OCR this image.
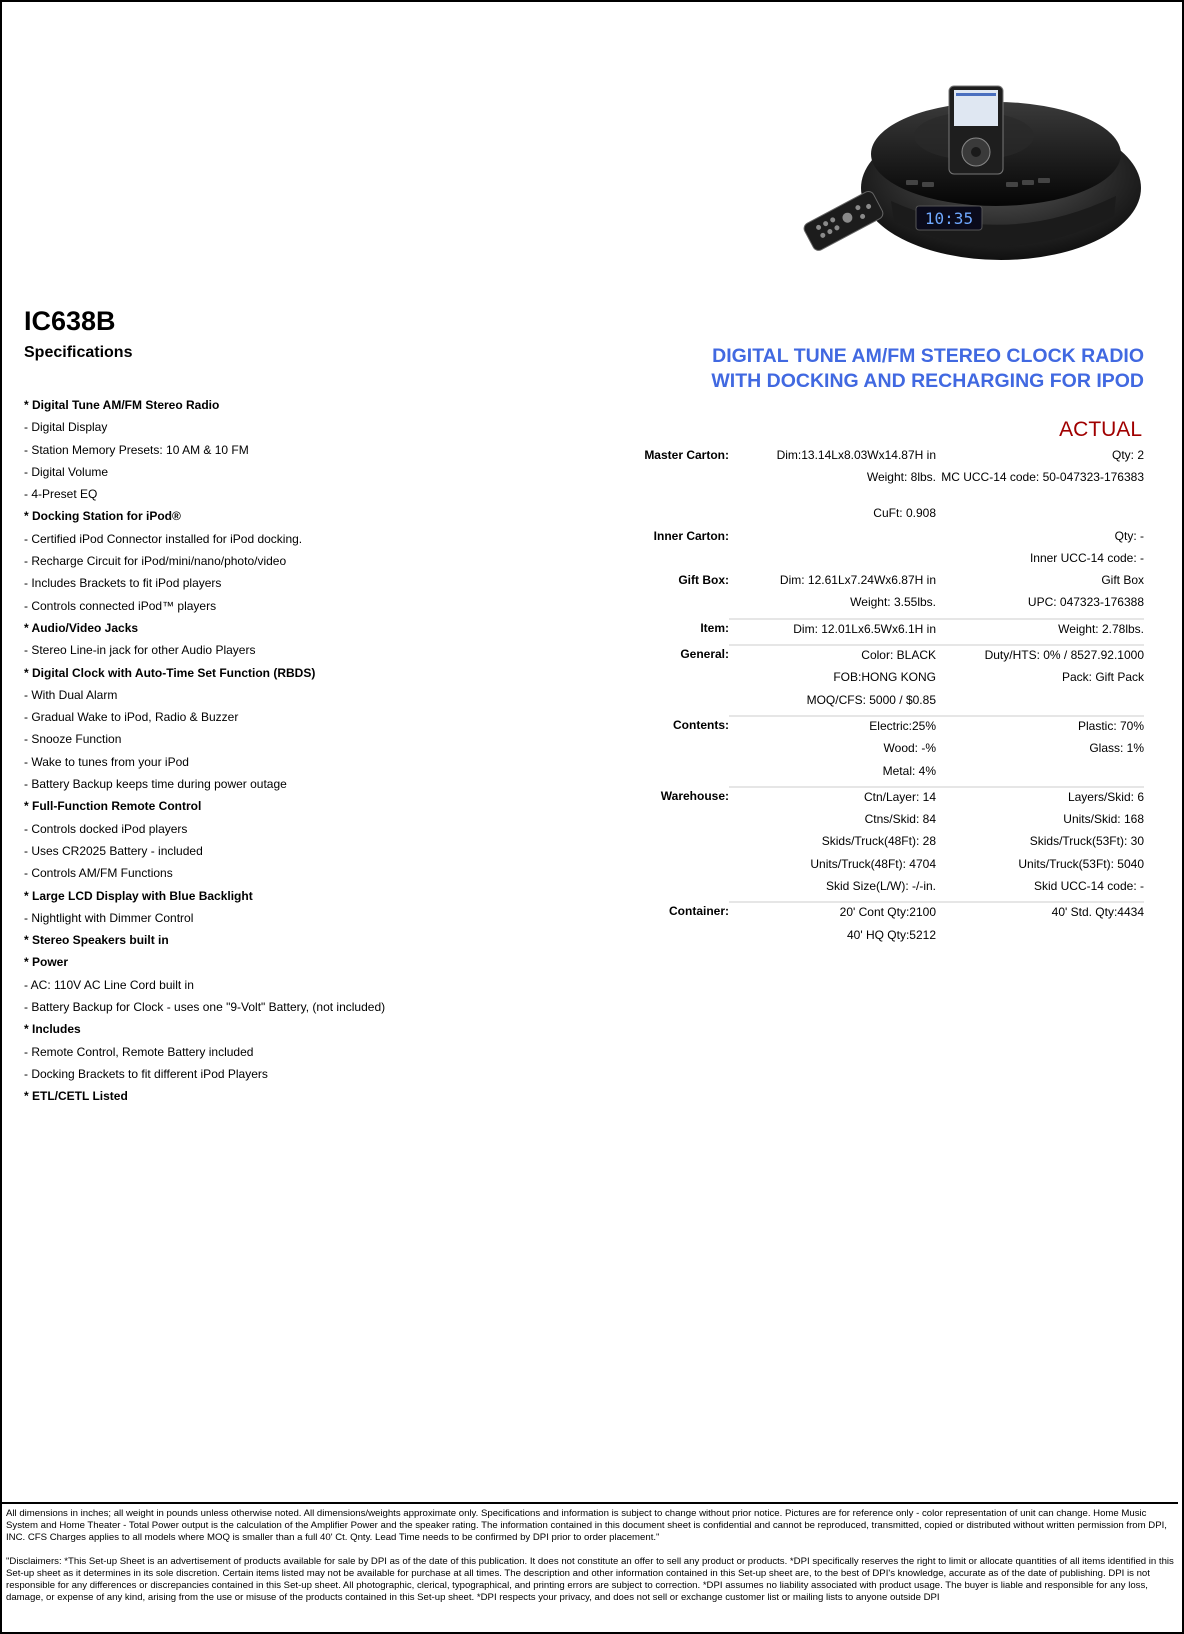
10:35
IC638B
Specifications
* Digital Tune AM/FM Stereo Radio
- Digital Display
- Station Memory Presets: 10 AM & 10 FM
- Digital Volume
- 4-Preset EQ
* Docking Station for iPod®
- Certified iPod Connector installed for iPod docking.
- Recharge Circuit for iPod/mini/nano/photo/video
- Includes Brackets to fit iPod players
- Controls connected iPod™ players
* Audio/Video Jacks
- Stereo Line-in jack for other Audio Players
* Digital Clock with Auto-Time Set Function (RBDS)
- With Dual Alarm
- Gradual Wake to iPod, Radio & Buzzer
- Snooze Function
- Wake to tunes from your iPod
- Battery Backup keeps time during power outage
* Full-Function Remote Control
- Controls docked iPod players
- Uses CR2025 Battery - included
- Controls AM/FM Functions
* Large LCD Display with Blue Backlight
- Nightlight with Dimmer Control
* Stereo Speakers built in
* Power
- AC: 110V AC Line Cord built in
- Battery Backup for Clock - uses one "9-Volt" Battery, (not included)
* Includes
- Remote Control, Remote Battery included
- Docking Brackets to fit different iPod Players
* ETL/CETL Listed
DIGITAL TUNE AM/FM STEREO CLOCK RADIO
WITH DOCKING AND RECHARGING FOR IPOD
ACTUAL
Master Carton:	Dim:13.14Lx8.03Wx14.87H in	Qty: 2
	Weight: 8lbs.	MC UCC-14 code: 50-047323-176383
	CuFt: 0.908	
Inner Carton:		Qty: -
		Inner UCC-14 code: -
Gift Box:	Dim: 12.61Lx7.24Wx6.87H in	Gift Box
	Weight: 3.55lbs.	UPC: 047323-176388
Item:	Dim: 12.01Lx6.5Wx6.1H in	Weight: 2.78lbs.
General:	Color: BLACK	Duty/HTS: 0% / 8527.92.1000
	FOB:HONG KONG	Pack: Gift Pack
	MOQ/CFS: 5000 / $0.85	
Contents:	Electric:25%	Plastic: 70%
	Wood: -%	Glass: 1%
	Metal: 4%	
Warehouse:	Ctn/Layer: 14	Layers/Skid: 6
	Ctns/Skid: 84	Units/Skid: 168
	Skids/Truck(48Ft): 28	Skids/Truck(53Ft): 30
	Units/Truck(48Ft): 4704	Units/Truck(53Ft): 5040
	Skid Size(L/W): -/-in.	Skid UCC-14 code: -
Container:	20' Cont Qty:2100	40' Std. Qty:4434
	40' HQ Qty:5212	

All dimensions in inches; all weight in pounds unless otherwise noted. All dimensions/weights approximate only. Specifications and information is subject to change without prior notice. Pictures are for reference only - color representation of unit can change. Home Music System and Home Theater - Total Power output is the calculation of the Amplifier Power and the speaker rating. The information contained in this document sheet is confidential and cannot be reproduced, transmitted, copied or distributed without written permission from DPI, INC. CFS Charges applies to all models where MOQ is smaller than a full 40' Ct. Qnty. Lead Time needs to be confirmed by DPI prior to order placement."

"Disclaimers: *This Set-up Sheet is an advertisement of products available for sale by DPI as of the date of this publication. It does not constitute an offer to sell any product or products. *DPI specifically reserves the right to limit or allocate quantities of all items identified in this Set-up sheet as it determines in its sole discretion. Certain items listed may not be available for purchase at all times. The description and other information contained in this Set-up sheet are, to the best of DPI's knowledge, accurate as of the date of publishing. DPI is not responsible for any differences or discrepancies contained in this Set-up sheet. All photographic, clerical, typographical, and printing errors are subject to correction. *DPI assumes no liability associated with product usage. The buyer is liable and responsible for any loss, damage, or expense of any kind, arising from the use or misuse of the products contained in this Set-up sheet. *DPI respects your privacy, and does not sell or exchange customer list or mailing lists to anyone outside DPI
